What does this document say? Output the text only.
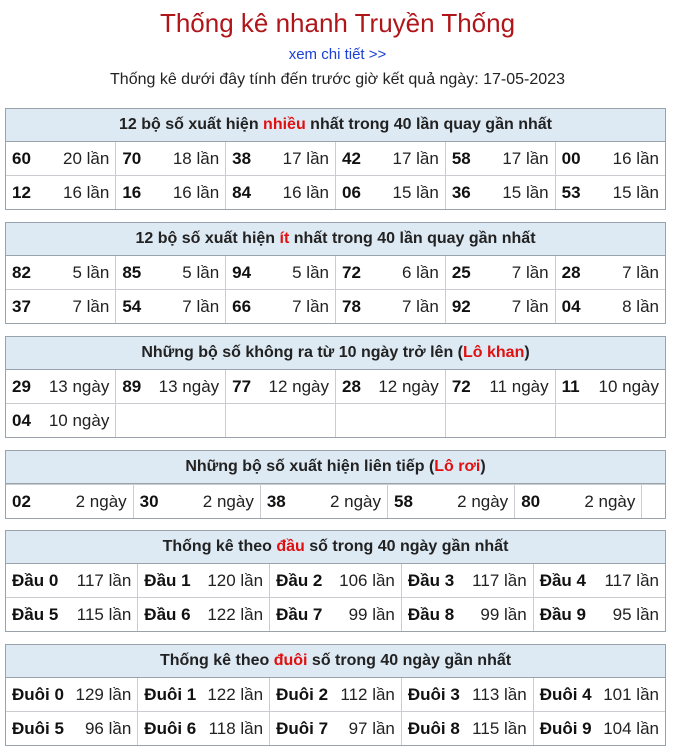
Thống kê nhanh Truyền Thống
xem chi tiết >>
Thống kê dưới đây tính đến trước giờ kết quả ngày: 17-05-2023
12 bộ số xuất hiện nhiều nhất trong 40 lần quay gần nhất
60 20 lần	70 18 lần	38 17 lần	42 17 lần	58 17 lần	00 16 lần

12 16 lần	16 16 lần	84 16 lần	06 15 lần	36 15 lần	53 15 lần
12 bộ số xuất hiện ít nhất trong 40 lần quay gần nhất
82 5 lần	85 5 lần	94 5 lần	72 6 lần	25 7 lần	28 7 lần

37 7 lần	54 7 lần	66 7 lần	78 7 lần	92 7 lần	04 8 lần
Những bộ số không ra từ 10 ngày trở lên (Lô khan)
29 13 ngày	89 13 ngày	77 12 ngày	28 12 ngày	72 11 ngày	11 10 ngày

04 10 ngày					

Những bộ số xuất hiện liên tiếp (Lô rơi)
02	2 ngày	30	2 ngày	38	2 ngày	58	2 ngày	80	2 ngày

Thống kê theo đầu số trong 40 ngày gần nhất
Đầu 0 117 lần	Đầu 1 120 lần	Đầu 2 106 lần	Đầu 3 117 lần	Đầu 4 117 lần

Đầu 5 115 lần	Đầu 6 122 lần	Đầu 7 99 lần	Đầu 8 99 lần	Đầu 9 95 lần
Thống kê theo đuôi số trong 40 ngày gần nhất
Đuôi 0 129 lần	Đuôi 1 122 lần	Đuôi 2 112 lần	Đuôi 3 113 lần	Đuôi 4 101 lần

Đuôi 5 96 lần	Đuôi 6 118 lần	Đuôi 7 97 lần	Đuôi 8 115 lần	Đuôi 9 104 lần
